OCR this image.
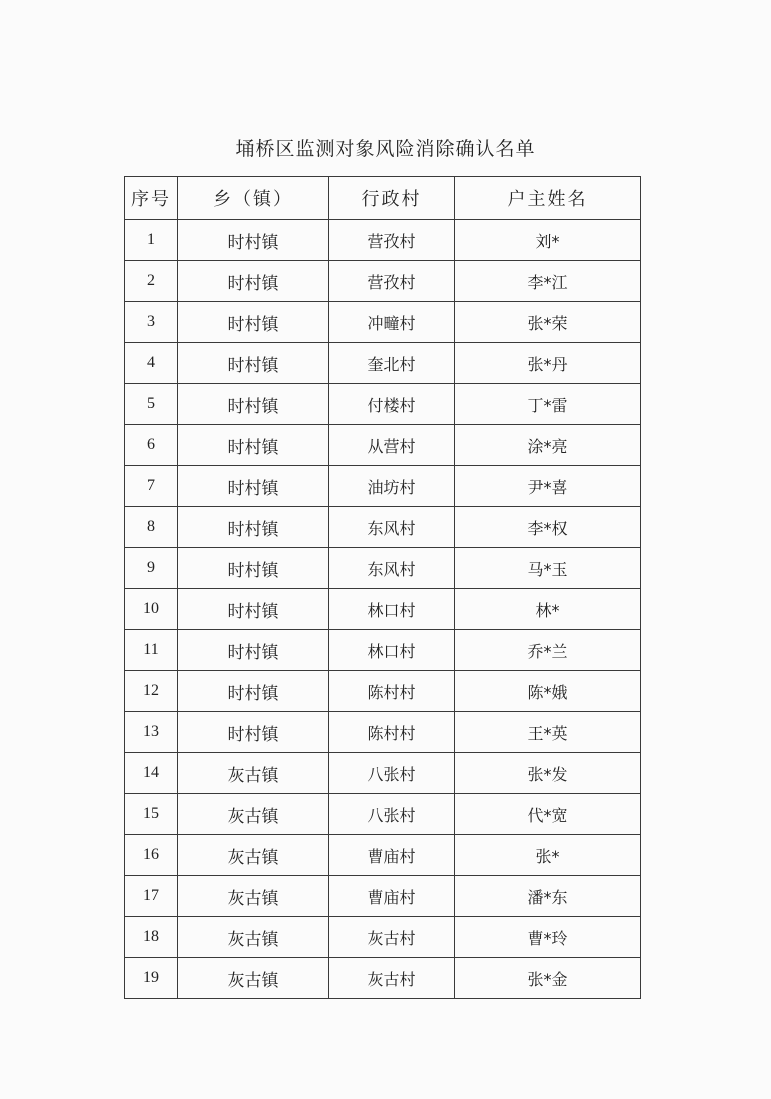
埇桥区监测对象风险消除确认名单
序号	乡（镇）	行政村	户主姓名
1	时村镇	营孜村	刘*
2	时村镇	营孜村	李*江
3	时村镇	冲疃村	张*荣
4	时村镇	奎北村	张*丹
5	时村镇	付楼村	丁*雷
6	时村镇	从营村	涂*亮
7	时村镇	油坊村	尹*喜
8	时村镇	东风村	李*权
9	时村镇	东风村	马*玉
10	时村镇	林口村	林*
11	时村镇	林口村	乔*兰
12	时村镇	陈村村	陈*娥
13	时村镇	陈村村	王*英
14	灰古镇	八张村	张*发
15	灰古镇	八张村	代*宽
16	灰古镇	曹庙村	张*
17	灰古镇	曹庙村	潘*东
18	灰古镇	灰古村	曹*玲
19	灰古镇	灰古村	张*金
